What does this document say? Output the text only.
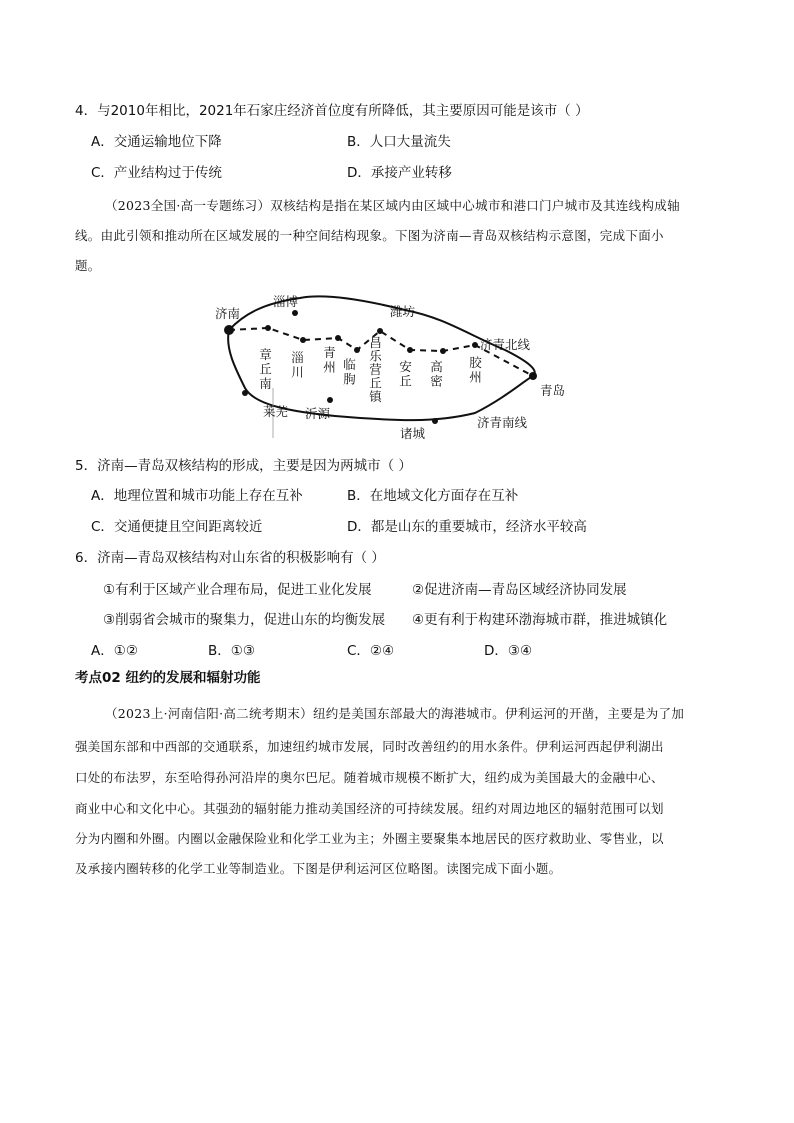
4．与2010年相比，2021年石家庄经济首位度有所降低，其主要原因可能是该市（ ）
A．交通运输地位下降	B．人口大量流失
C．产业结构过于传统	D．承接产业转移
（2023全国·高一专题练习）双核结构是指在某区域内由区域中心城市和港口门户城市及其连线构成轴
线。由此引领和推动所在区域发展的一种空间结构现象。下图为济南—青岛双核结构示意图，完成下面小
题。
济南
淄博
潍坊
济青北线
青岛
莱芜 沂源
诸城
济青南线
章丘南 淄川 青州 临朐 昌乐营丘镇 安丘 高密 胶州
5．济南—青岛双核结构的形成，主要是因为两城市（ ）
A．地理位置和城市功能上存在互补	B．在地域文化方面存在互补
C．交通便捷且空间距离较近	D．都是山东的重要城市，经济水平较高
6．济南—青岛双核结构对山东省的积极影响有（ ）
①有利于区域产业合理布局，促进工业化发展	②促进济南—青岛区域经济协同发展
③削弱省会城市的聚集力，促进山东的均衡发展 ④更有利于构建环渤海城市群，推进城镇化
A．①②	B．①③	C．②④	D．③④
考点02 纽约的发展和辐射功能
（2023上·河南信阳·高二统考期末）纽约是美国东部最大的海港城市。伊利运河的开凿，主要是为了加
强美国东部和中西部的交通联系，加速纽约城市发展，同时改善纽约的用水条件。伊利运河西起伊利湖出
口处的布法罗，东至哈得孙河沿岸的奥尔巴尼。随着城市规模不断扩大，纽约成为美国最大的金融中心、
商业中心和文化中心。其强劲的辐射能力推动美国经济的可持续发展。纽约对周边地区的辐射范围可以划
分为内圈和外圈。内圈以金融保险业和化学工业为主；外圈主要聚集本地居民的医疗救助业、零售业，以
及承接内圈转移的化学工业等制造业。下图是伊利运河区位略图。读图完成下面小题。
